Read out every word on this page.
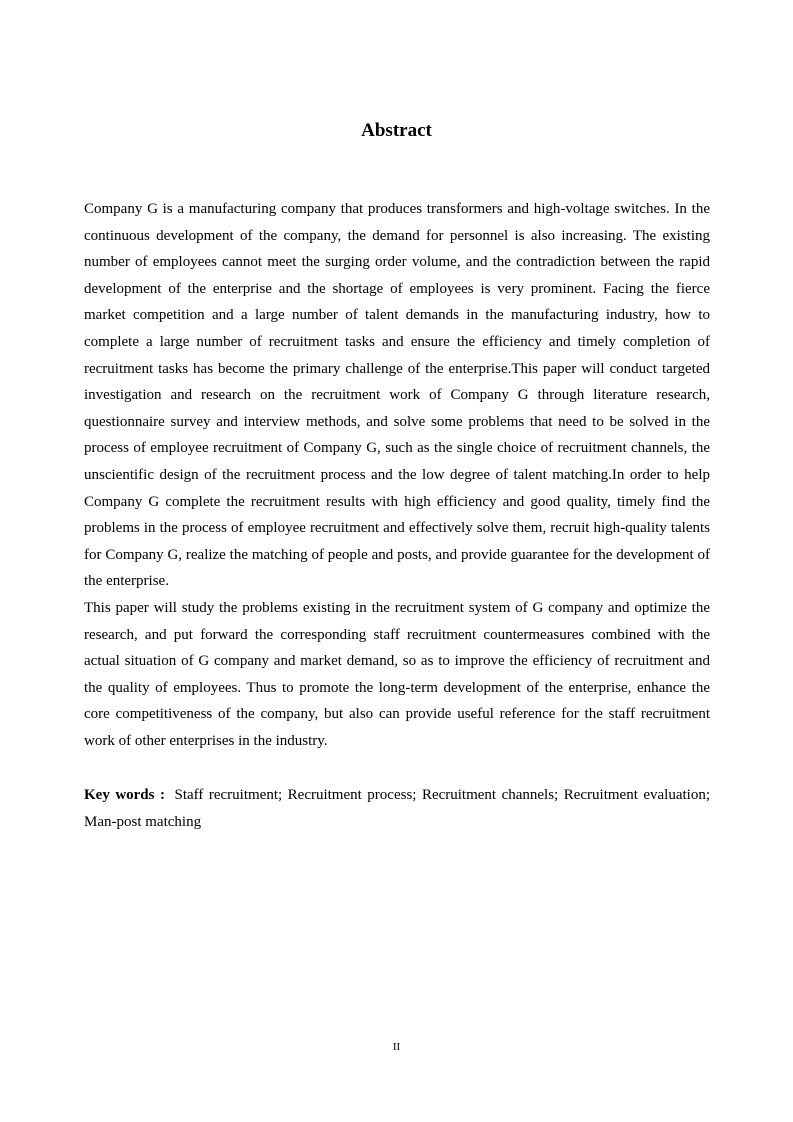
Abstract

Company G is a manufacturing company that produces transformers and high-voltage switches. In the continuous development of the company, the demand for personnel is also increasing. The existing number of employees cannot meet the surging order volume, and the contradiction between the rapid development of the enterprise and the shortage of employees is very prominent. Facing the fierce market competition and a large number of talent demands in the manufacturing industry, how to complete a large number of recruitment tasks and ensure the efficiency and timely completion of recruitment tasks has become the primary challenge of the enterprise.This paper will conduct targeted investigation and research on the recruitment work of Company G through literature research, questionnaire survey and interview methods, and solve some problems that need to be solved in the process of employee recruitment of Company G, such as the single choice of recruitment channels, the unscientific design of the recruitment process and the low degree of talent matching.In order to help Company G complete the recruitment results with high efficiency and good quality, timely find the problems in the process of employee recruitment and effectively solve them, recruit high-quality talents for Company G, realize the matching of people and posts, and provide guarantee for the development of the enterprise.

This paper will study the problems existing in the recruitment system of G company and optimize the research, and put forward the corresponding staff recruitment countermeasures combined with the actual situation of G company and market demand, so as to improve the efficiency of recruitment and the quality of employees. Thus to promote the long-term development of the enterprise, enhance the core competitiveness of the company, but also can provide useful reference for the staff recruitment work of other enterprises in the industry.

Key words : Staff recruitment; Recruitment process; Recruitment channels; Recruitment evaluation; Man-post matching

II
